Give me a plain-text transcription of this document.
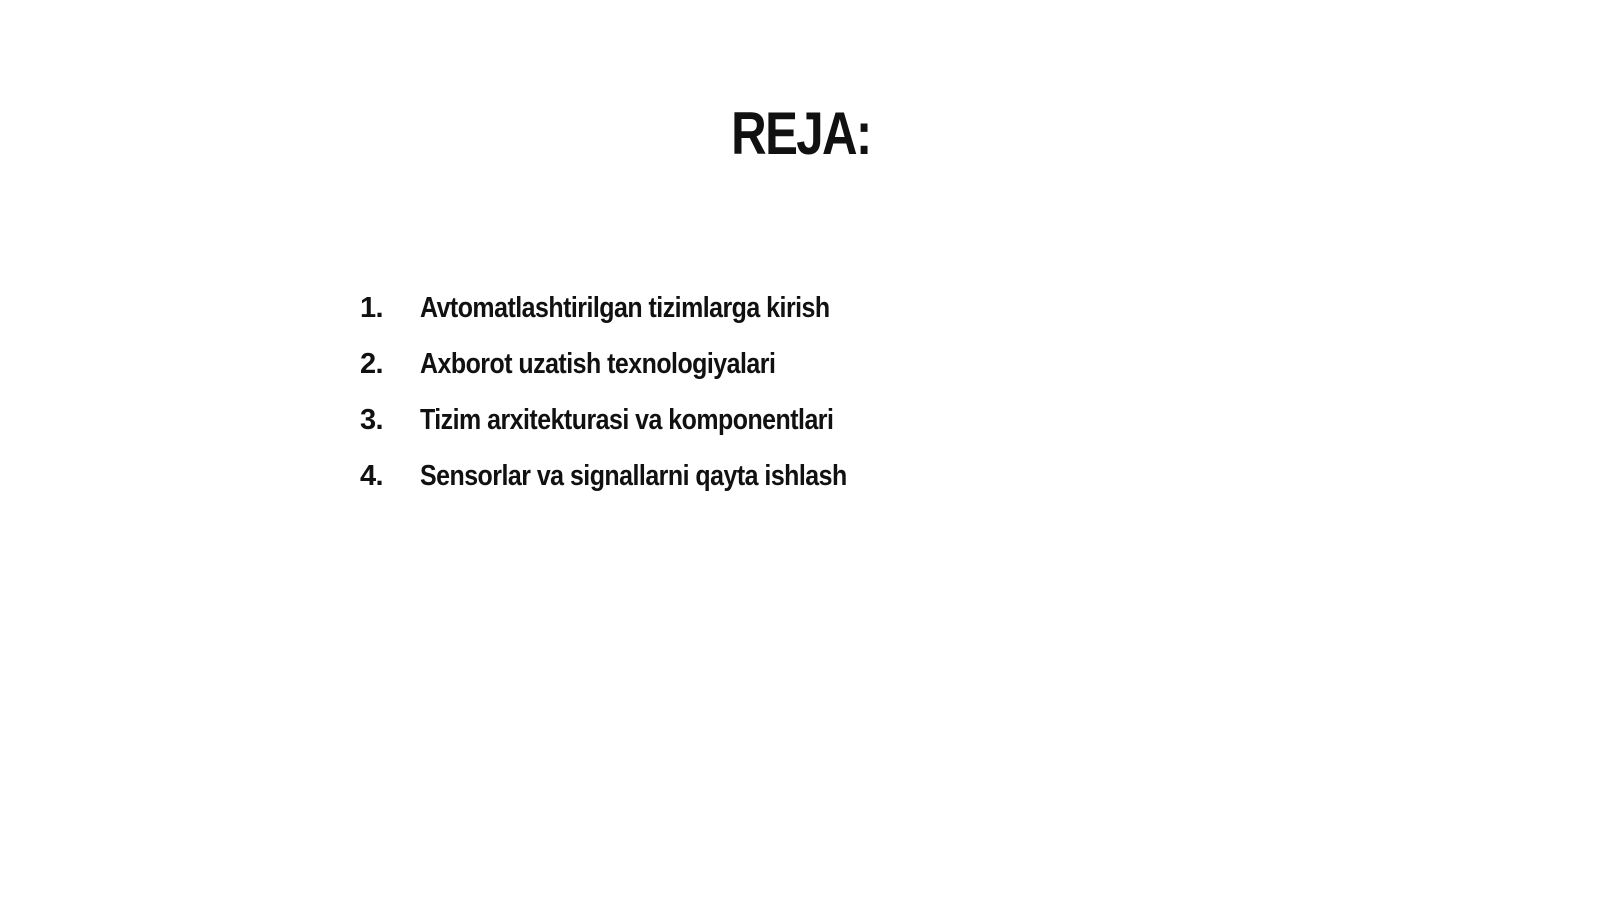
REJA:
1.	Avtomatlashtirilgan tizimlarga kirish
2.	Axborot uzatish texnologiyalari
3.	Tizim arxitekturasi va komponentlari
4.	Sensorlar va signallarni qayta ishlash
